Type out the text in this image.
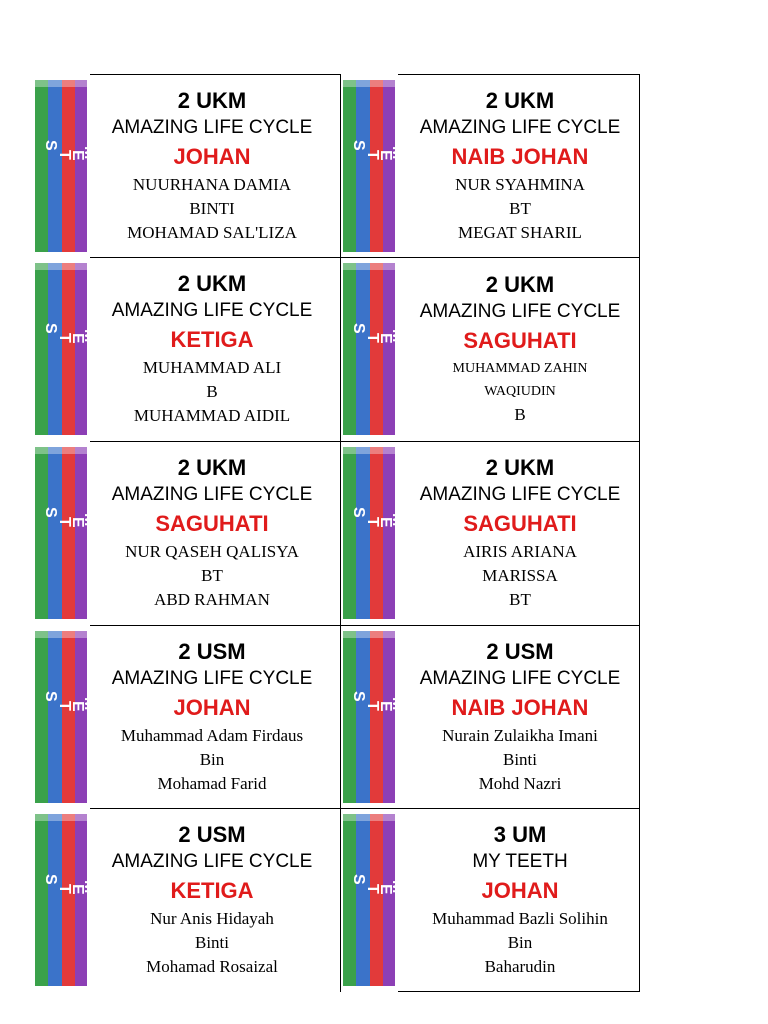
S
T
E
M
2 UKM
AMAZING LIFE CYCLE
JOHAN
NUURHANA DAMIA
BINTI
MOHAMAD SAL'LIZA
S
T
E
M
2 UKM
AMAZING LIFE CYCLE
NAIB JOHAN
NUR SYAHMINA
BT
MEGAT SHARIL
S
T
E
M
2 UKM
AMAZING LIFE CYCLE
KETIGA
MUHAMMAD ALI
B
MUHAMMAD AIDIL
S
T
E
M
2 UKM
AMAZING LIFE CYCLE
SAGUHATI
MUHAMMAD ZAHIN
WAQIUDIN
B
S
T
E
M
2 UKM
AMAZING LIFE CYCLE
SAGUHATI
NUR QASEH QALISYA
BT
ABD RAHMAN
S
T
E
M
2 UKM
AMAZING LIFE CYCLE
SAGUHATI
AIRIS ARIANA
MARISSA
BT
S
T
E
M
2 USM
AMAZING LIFE CYCLE
JOHAN
Muhammad Adam Firdaus
Bin
Mohamad Farid
S
T
E
M
2 USM
AMAZING LIFE CYCLE
NAIB JOHAN
Nurain Zulaikha Imani
Binti
Mohd Nazri
S
T
E
M
2 USM
AMAZING LIFE CYCLE
KETIGA
Nur Anis Hidayah
Binti
Mohamad Rosaizal
S
T
E
M
3 UM
MY TEETH
JOHAN
Muhammad Bazli Solihin
Bin
Baharudin
